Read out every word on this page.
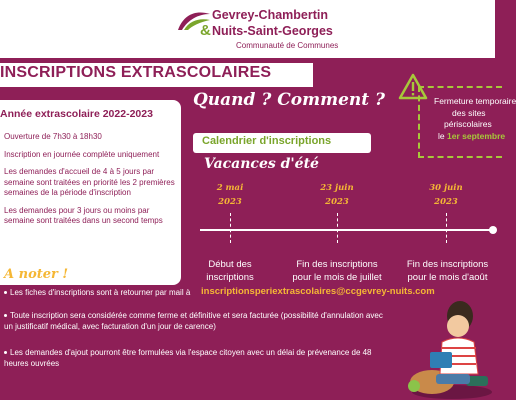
Gevrey-Chambertin
& Nuits-Saint-Georges
Communauté de Communes
INSCRIPTIONS EXTRASCOLAIRES
Année extrascolaire 2022-2023
Ouverture de 7h30 à 18h30
Inscription en journée complète uniquement
Les demandes d'accueil de 4 à 5 jours par semaine sont traitées en priorité les 2 premières semaines de la période d'inscription
Les demandes pour 3 jours ou moins par semaine sont traitées dans un second temps
Quand ? Comment ?	Fermeture temporaire
des sites
périscolaires
le 1er septembre
Calendrier d'inscriptions
Vacances d'été
2 mai
2023
23 juin
2023
30 juin
2023
Début des inscriptions
Fin des inscriptions pour le mois de juillet
Fin des inscriptions pour le mois d'août
A noter !
Les fiches d'inscriptions sont à retourner par mail à inscriptionsperiextrascolaires@ccgevrey-nuits.com
Toute inscription sera considérée comme ferme et définitive et sera facturée (possibilité d'annulation avec un justificatif médical, avec facturation d'un jour de carence)
Les demandes d'ajout pourront être formulées via l'espace citoyen avec un délai de prévenance de 48 heures ouvrées
